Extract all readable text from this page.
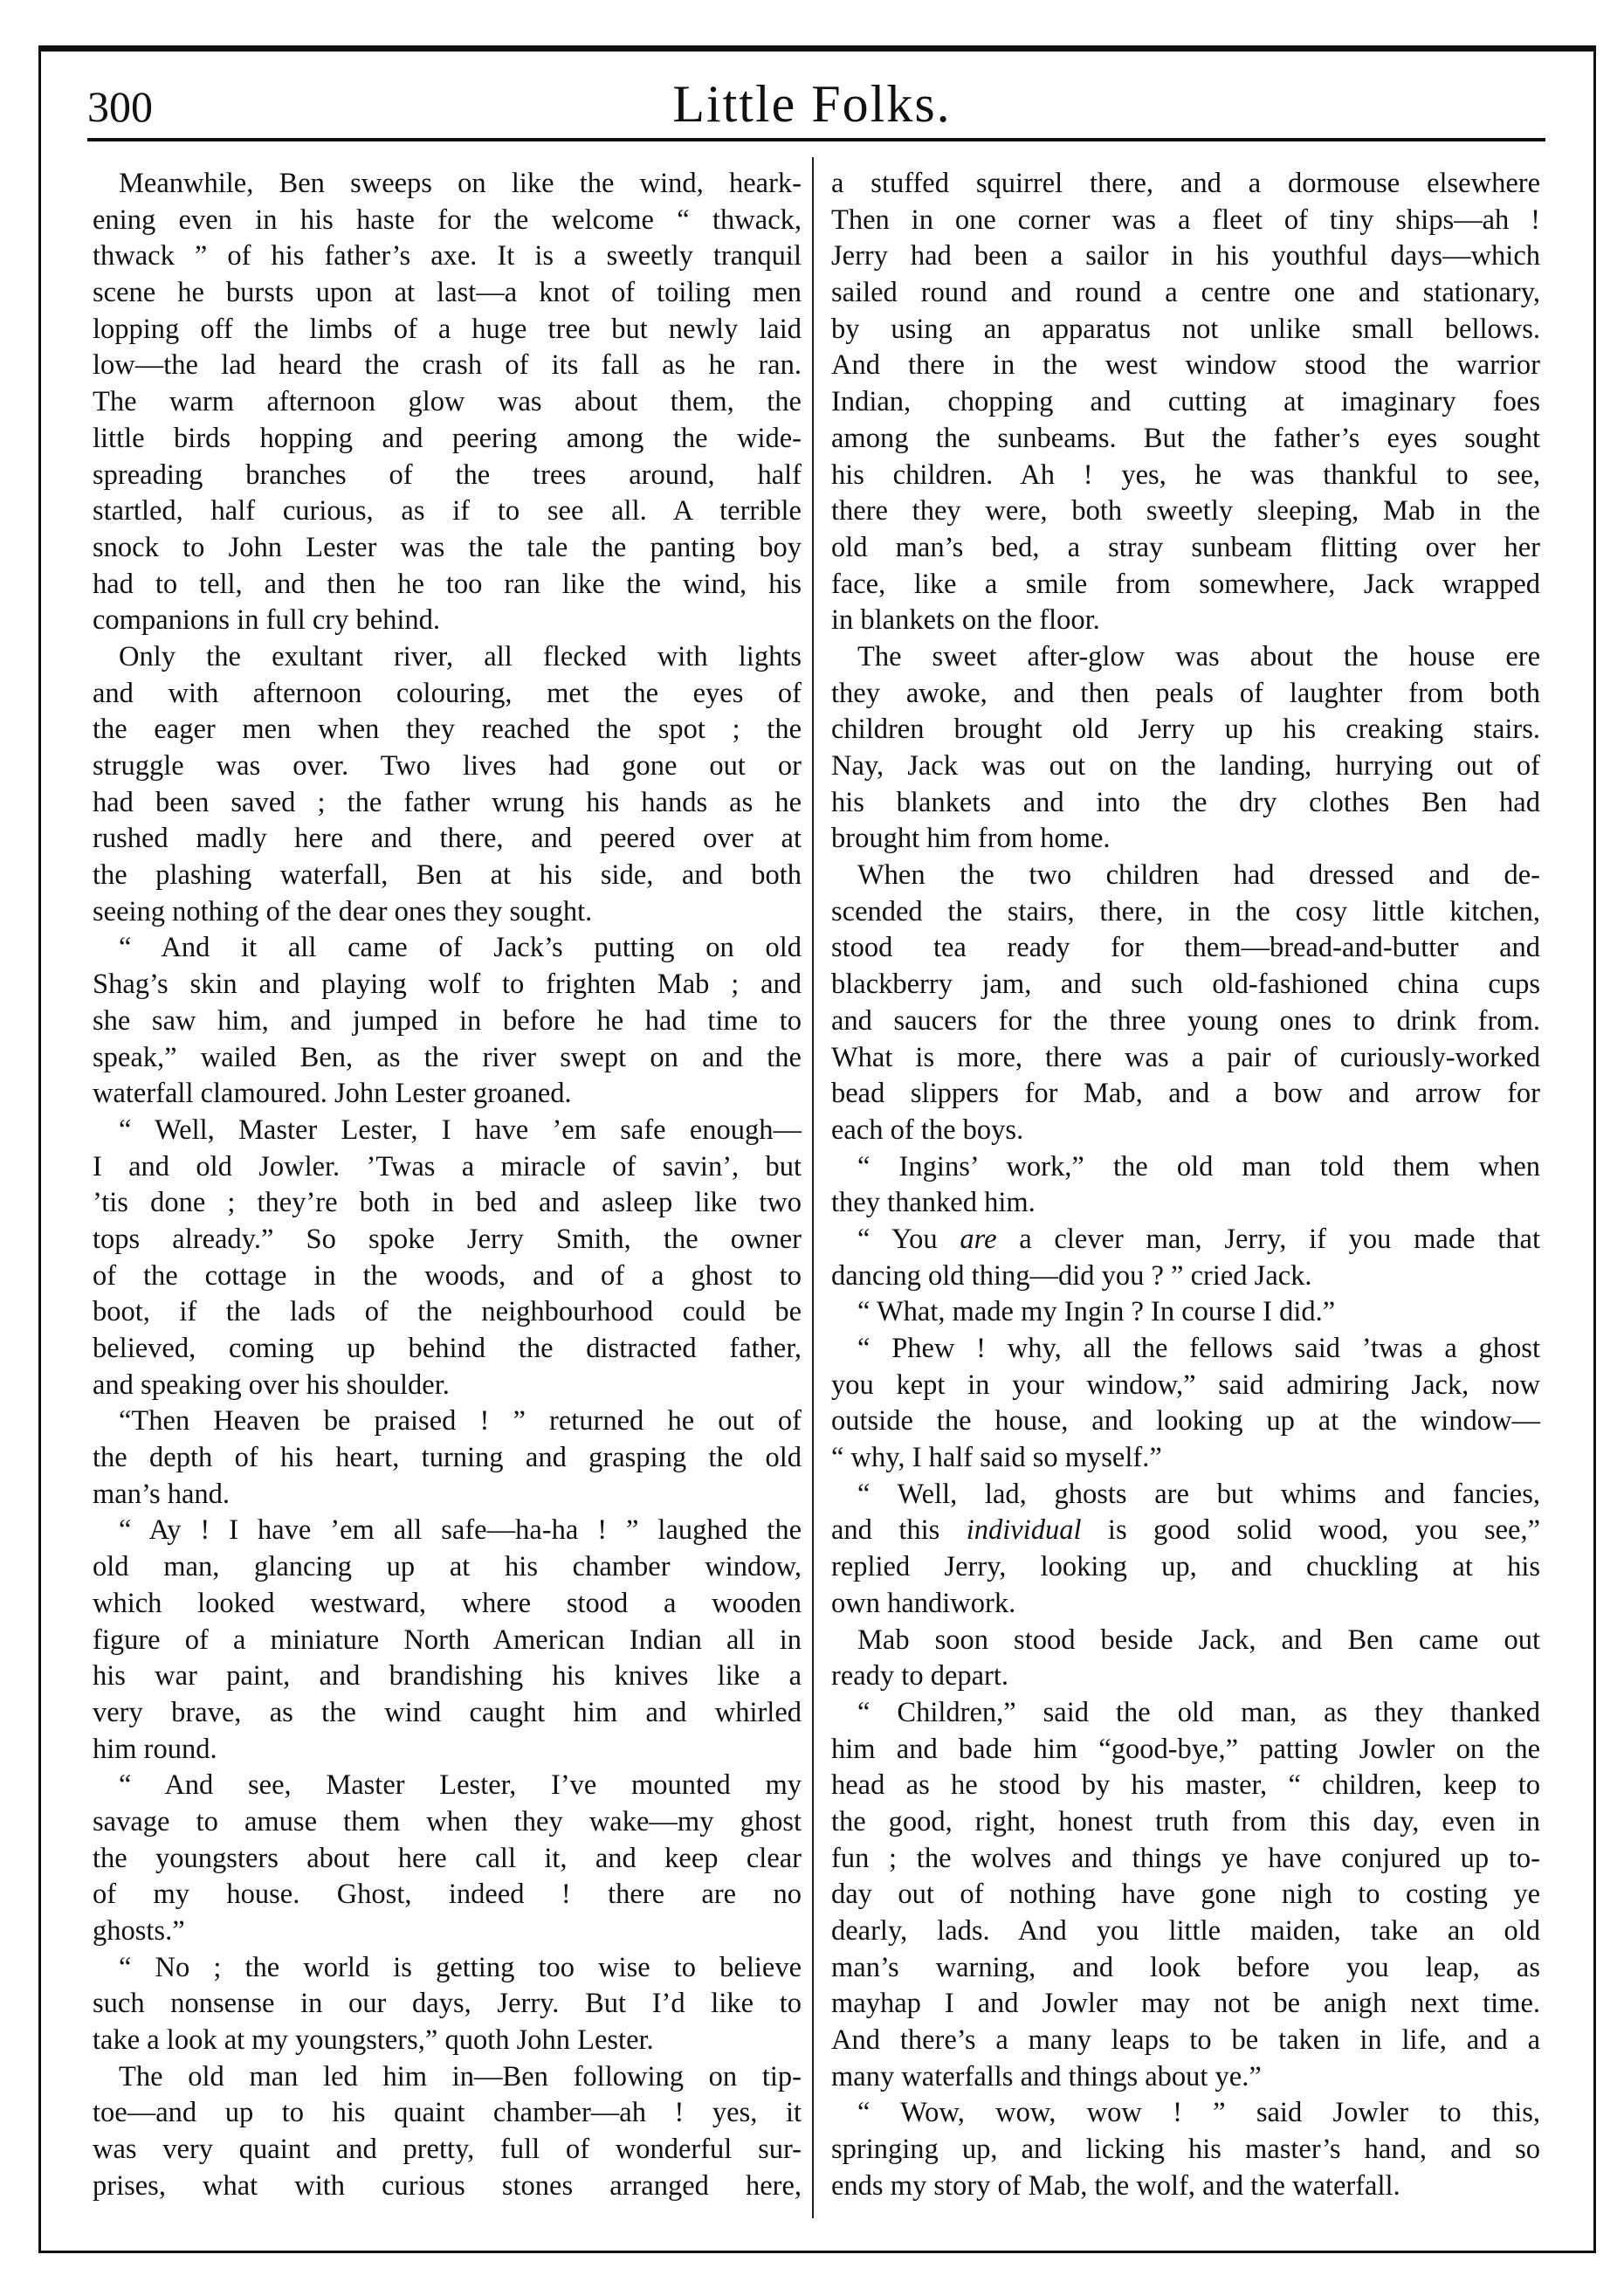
300	Little Folks.
Meanwhile, Ben sweeps on like the wind, heark-
ening even in his haste for the welcome “ thwack,
thwack ” of his father’s axe. It is a sweetly tranquil
scene he bursts upon at last—a knot of toiling men
lopping off the limbs of a huge tree but newly laid
low—the lad heard the crash of its fall as he ran.
The warm afternoon glow was about them, the
little birds hopping and peering among the wide-
spreading branches of the trees around, half
startled, half curious, as if to see all. A terrible
snock to John Lester was the tale the panting boy
had to tell, and then he too ran like the wind, his
companions in full cry behind.
Only the exultant river, all flecked with lights
and with afternoon colouring, met the eyes of
the eager men when they reached the spot ; the
struggle was over. Two lives had gone out or
had been saved ; the father wrung his hands as he
rushed madly here and there, and peered over at
the plashing waterfall, Ben at his side, and both
seeing nothing of the dear ones they sought.
“ And it all came of Jack’s putting on old
Shag’s skin and playing wolf to frighten Mab ; and
she saw him, and jumped in before he had time to
speak,” wailed Ben, as the river swept on and the
waterfall clamoured. John Lester groaned.
“ Well, Master Lester, I have ’em safe enough—
I and old Jowler. ’Twas a miracle of savin’, but
’tis done ; they’re both in bed and asleep like two
tops already.” So spoke Jerry Smith, the owner
of the cottage in the woods, and of a ghost to
boot, if the lads of the neighbourhood could be
believed, coming up behind the distracted father,
and speaking over his shoulder.
“Then Heaven be praised ! ” returned he out of
the depth of his heart, turning and grasping the old
man’s hand.
“ Ay ! I have ’em all safe—ha-ha ! ” laughed the
old man, glancing up at his chamber window,
which looked westward, where stood a wooden
figure of a miniature North American Indian all in
his war paint, and brandishing his knives like a
very brave, as the wind caught him and whirled
him round.
“ And see, Master Lester, I’ve mounted my
savage to amuse them when they wake—my ghost
the youngsters about here call it, and keep clear
of my house. Ghost, indeed ! there are no
ghosts.”
“ No ; the world is getting too wise to believe
such nonsense in our days, Jerry. But I’d like to
take a look at my youngsters,” quoth John Lester.
The old man led him in—Ben following on tip-
toe—and up to his quaint chamber—ah ! yes, it
was very quaint and pretty, full of wonderful sur-
prises, what with curious stones arranged here,
a stuffed squirrel there, and a dormouse elsewhere
Then in one corner was a fleet of tiny ships—ah !
Jerry had been a sailor in his youthful days—which
sailed round and round a centre one and stationary,
by using an apparatus not unlike small bellows.
And there in the west window stood the warrior
Indian, chopping and cutting at imaginary foes
among the sunbeams. But the father’s eyes sought
his children. Ah ! yes, he was thankful to see,
there they were, both sweetly sleeping, Mab in the
old man’s bed, a stray sunbeam flitting over her
face, like a smile from somewhere, Jack wrapped
in blankets on the floor.
The sweet after-glow was about the house ere
they awoke, and then peals of laughter from both
children brought old Jerry up his creaking stairs.
Nay, Jack was out on the landing, hurrying out of
his blankets and into the dry clothes Ben had
brought him from home.
When the two children had dressed and de-
scended the stairs, there, in the cosy little kitchen,
stood tea ready for them—bread-and-butter and
blackberry jam, and such old-fashioned china cups
and saucers for the three young ones to drink from.
What is more, there was a pair of curiously-worked
bead slippers for Mab, and a bow and arrow for
each of the boys.
“ Ingins’ work,” the old man told them when
they thanked him.
“ You are a clever man, Jerry, if you made that
dancing old thing—did you ? ” cried Jack.
“ What, made my Ingin ? In course I did.”
“ Phew ! why, all the fellows said ’twas a ghost
you kept in your window,” said admiring Jack, now
outside the house, and looking up at the window—
“ why, I half said so myself.”
“ Well, lad, ghosts are but whims and fancies,
and this individual is good solid wood, you see,”
replied Jerry, looking up, and chuckling at his
own handiwork.
Mab soon stood beside Jack, and Ben came out
ready to depart.
“ Children,” said the old man, as they thanked
him and bade him “good-bye,” patting Jowler on the
head as he stood by his master, “ children, keep to
the good, right, honest truth from this day, even in
fun ; the wolves and things ye have conjured up to-
day out of nothing have gone nigh to costing ye
dearly, lads. And you little maiden, take an old
man’s warning, and look before you leap, as
mayhap I and Jowler may not be anigh next time.
And there’s a many leaps to be taken in life, and a
many waterfalls and things about ye.”
“ Wow, wow, wow ! ” said Jowler to this,
springing up, and licking his master’s hand, and so
ends my story of Mab, the wolf, and the waterfall.
